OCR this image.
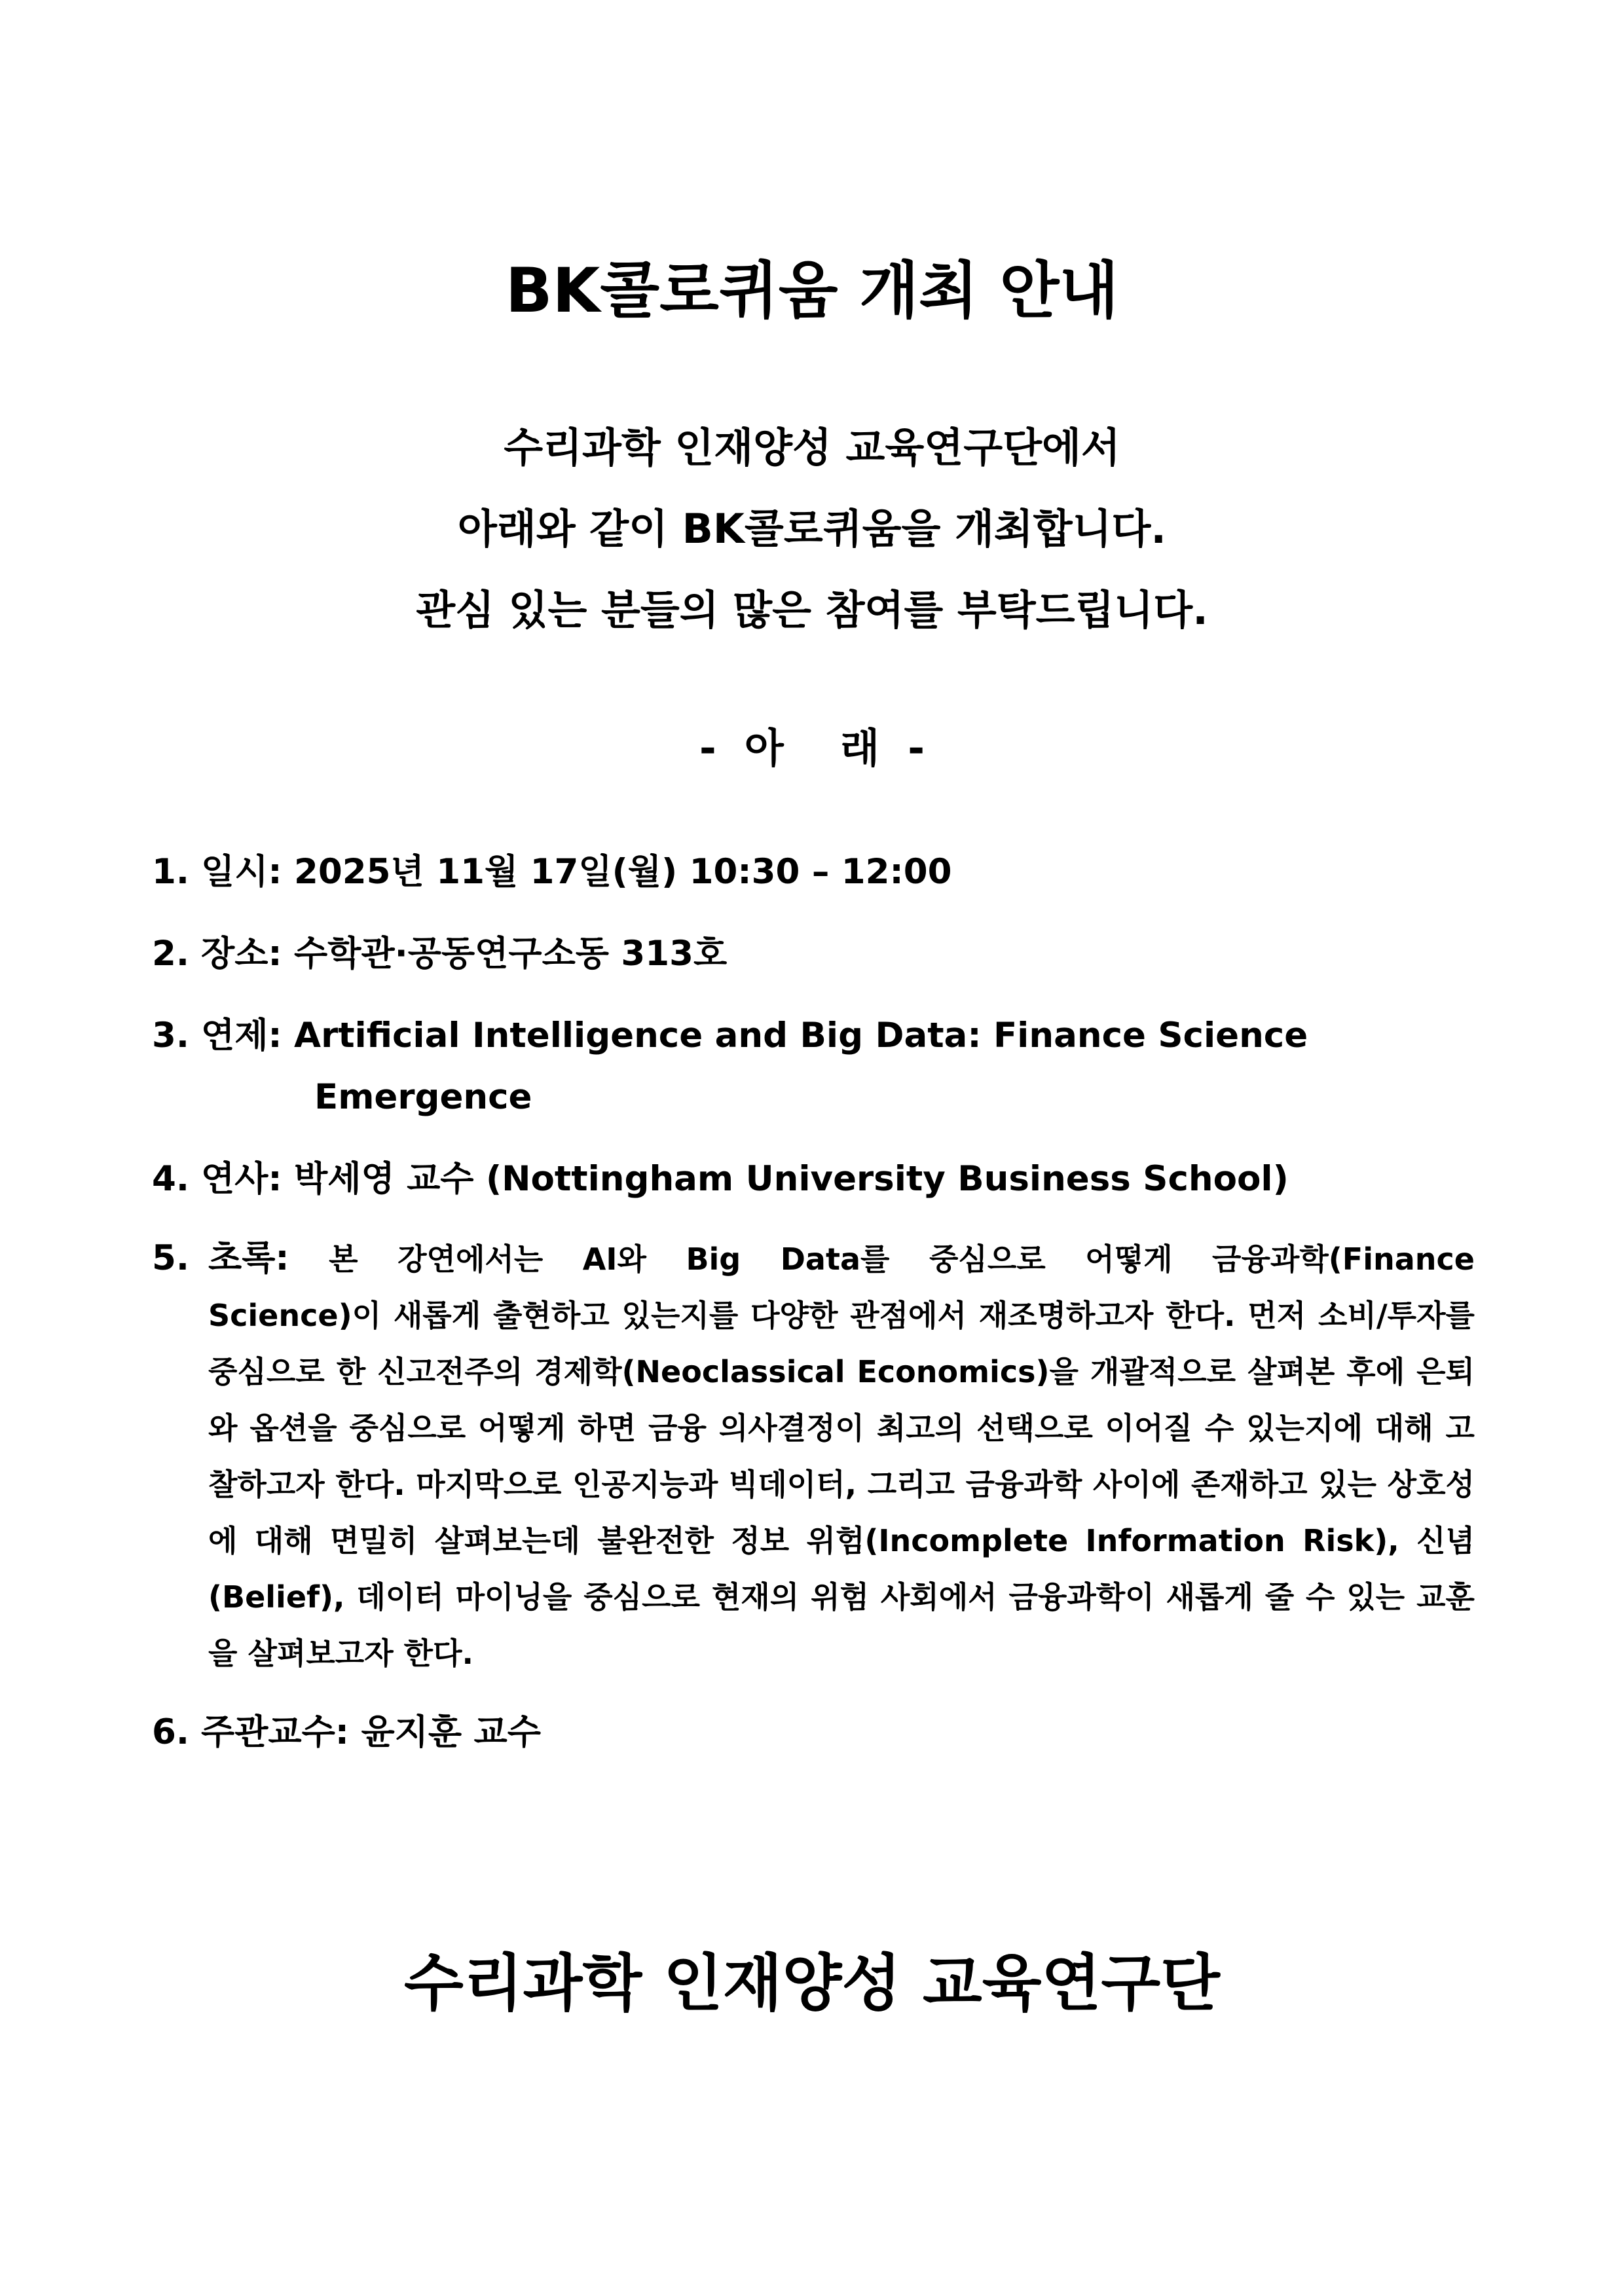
BK콜로퀴움 개최 안내
수리과학 인재양성 교육연구단에서
아래와 같이 BK콜로퀴움을 개최합니다.
관심 있는 분들의 많은 참여를 부탁드립니다.
-  아    래  -
1. 일시: 2025년 11월 17일(월) 10:30 – 12:00
2. 장소: 수학관·공동연구소동 313호
3. 연제: Artificial Intelligence and Big Data: Finance Science
Emergence
4. 연사: 박세영 교수 (Nottingham University Business School)
5. 초록: 본 강연에서는 AI와 Big Data를 중심으로 어떻게 금융과학(Finance
Science)이 새롭게 출현하고 있는지를 다양한 관점에서 재조명하고자 한다. 먼저 소비/투자를 중심으로 한 신고전주의 경제학(Neoclassical Economics)을 개괄적으로 살펴본 후에 은퇴와 옵션을 중심으로 어떻게 하면 금융 의사결정이 최고의 선택으로 이어질 수 있는지에 대해 고찰하고자 한다. 마지막으로 인공지능과 빅데이터, 그리고 금융과학 사이에 존재하고 있는 상호성에 대해 면밀히 살펴보는데 불완전한 정보 위험(Incomplete Information Risk), 신념(Belief), 데이터 마이닝을 중심으로 현재의 위험 사회에서 금융과학이 새롭게 줄 수 있는 교훈을 살펴보고자 한다.
6. 주관교수: 윤지훈 교수
수리과학 인재양성 교육연구단
